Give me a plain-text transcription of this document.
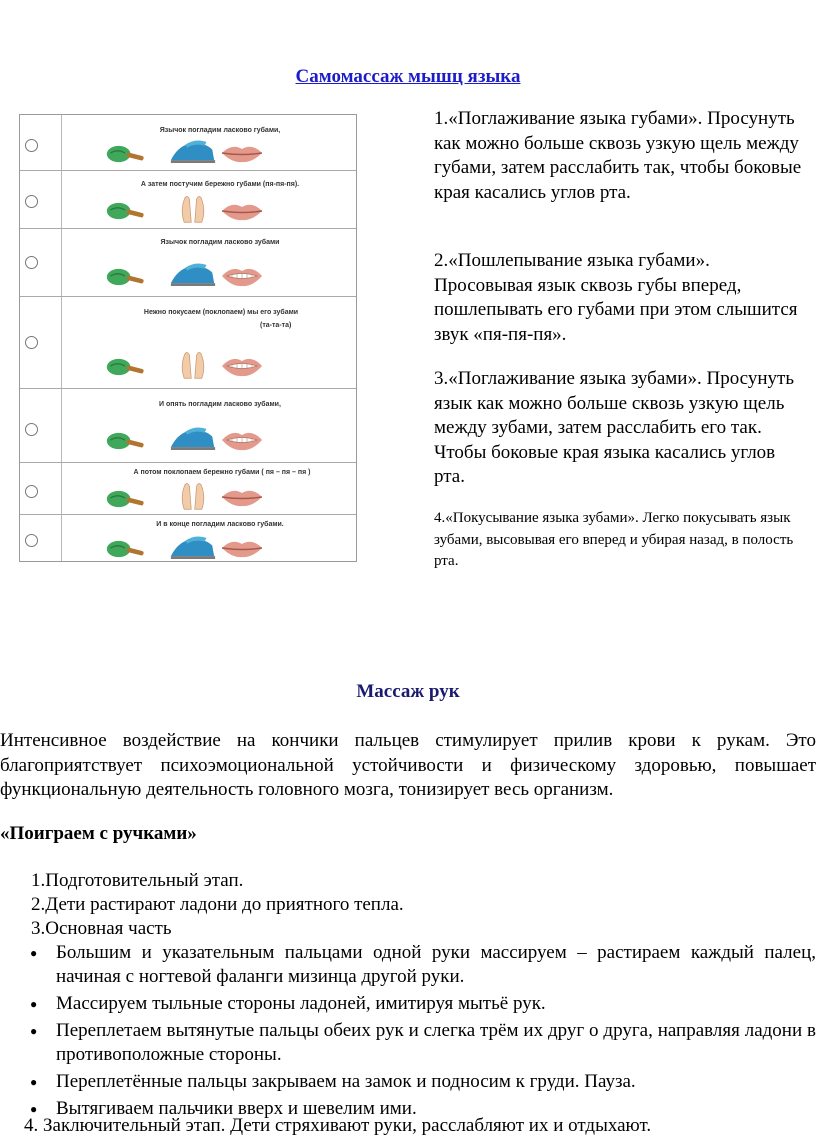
Самомассаж мышц языка
Язычок погладим ласково губами,
А затем постучим бережно губами (пя-пя-пя).
Язычок погладим ласково зубами
Нежно покусаем (поклопаем) мы его зубами
(та-та-та)
И опять погладим ласково зубами,
А потом поклопаем бережно губами ( пя – пя – пя )
И в конце погладим ласково губами.
1.«Поглаживание языка губами». Просунуть как можно больше сквозь узкую щель между губами, затем расслабить так, чтобы боковые края касались углов рта.
2.«Пошлепывание языка губами». Просовывая язык сквозь губы вперед, пошлепывать его губами при этом слышится звук «пя-пя-пя».
3.«Поглаживание языка зубами». Просунуть язык как можно больше сквозь узкую щель между зубами, затем расслабить его так. Чтобы боковые края языка касались углов рта.
4.«Покусывание языка зубами». Легко покусывать язык зубами, высовывая его вперед и убирая назад, в полость рта.
Массаж рук
Интенсивное воздействие на кончики пальцев стимулирует прилив крови к рукам. Это благоприятствует психоэмоциональной устойчивости и физическому здоровью, повышает функциональную деятельность головного мозга, тонизирует весь организм.
«Поиграем с ручками»
1.Подготовительный этап.
2.Дети растирают ладони до приятного тепла.
3.Основная часть
● Большим и указательным пальцами одной руки массируем – растираем каждый палец, начиная с ногтевой фаланги мизинца другой руки.
● Массируем тыльные стороны ладоней, имитируя мытьё рук.
● Переплетаем вытянутые пальцы обеих рук и слегка трём их друг о друга, направляя ладони в противоположные стороны.
● Переплетённые пальцы закрываем на замок и подносим к груди. Пауза.
● Вытягиваем пальчики вверх и шевелим ими.
4. Заключительный этап. Дети стряхивают руки, расслабляют их и отдыхают.
